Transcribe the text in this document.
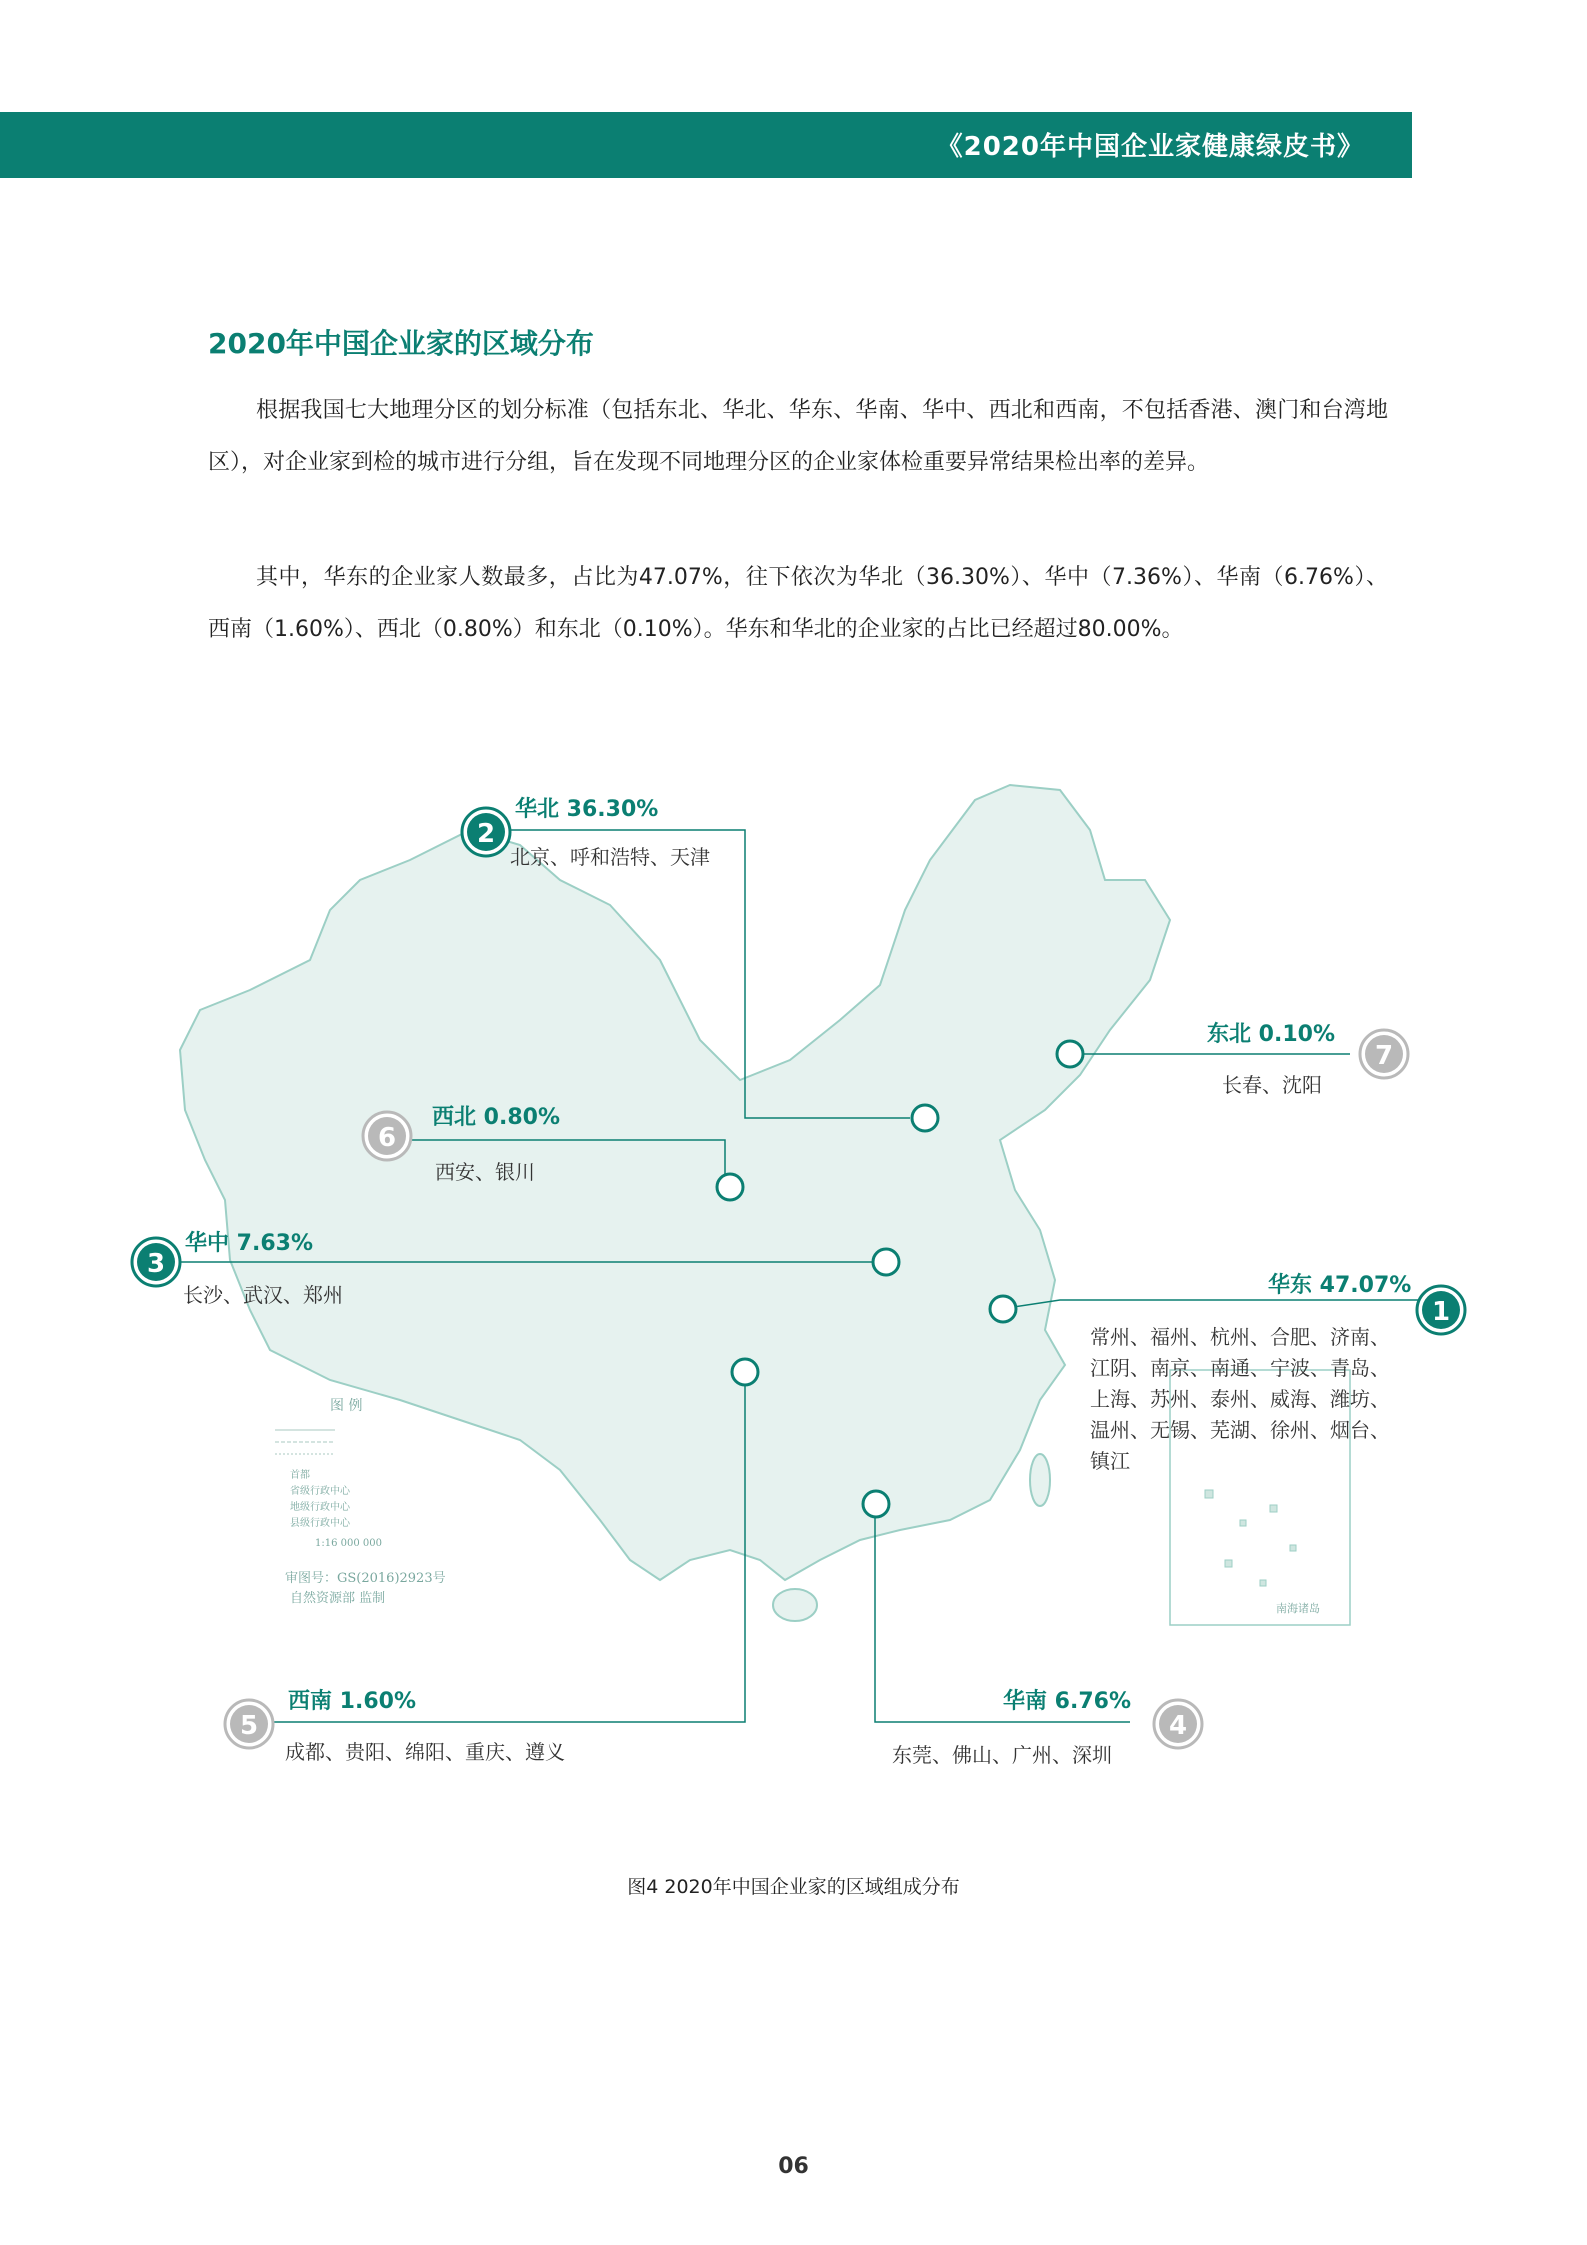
《2020年中国企业家健康绿皮书》
2020年中国企业家的区域分布
根据我国七大地理分区的划分标准（包括东北、华北、华东、华南、华中、西北和西南，不包括香港、澳门和台湾地区），对企业家到检的城市进行分组，旨在发现不同地理分区的企业家体检重要异常结果检出率的差异。
其中，华东的企业家人数最多，占比为47.07%，往下依次为华北（36.30%）、华中（7.36%）、华南（6.76%）、西南（1.60%）、西北（0.80%）和东北（0.10%）。华东和华北的企业家的占比已经超过80.00%。
南海诸岛
图 例
首都
省级行政中心
地级行政中心
县级行政中心
1:16 000 000
审图号：GS(2016)2923号
自然资源部 监制
1
2
3
4
5
6
7
华东 47.07%
常州、福州、杭州、合肥、济南、江阴、南京、南通、宁波、青岛、上海、苏州、泰州、威海、潍坊、温州、无锡、芜湖、徐州、烟台、镇江
华北 36.30%
北京、呼和浩特、天津
华中 7.63%
长沙、武汉、郑州
华南 6.76%
东莞、佛山、广州、深圳
西南 1.60%
成都、贵阳、绵阳、重庆、遵义
西北 0.80%
西安、银川
东北 0.10%
长春、沈阳
图4 2020年中国企业家的区域组成分布
06
